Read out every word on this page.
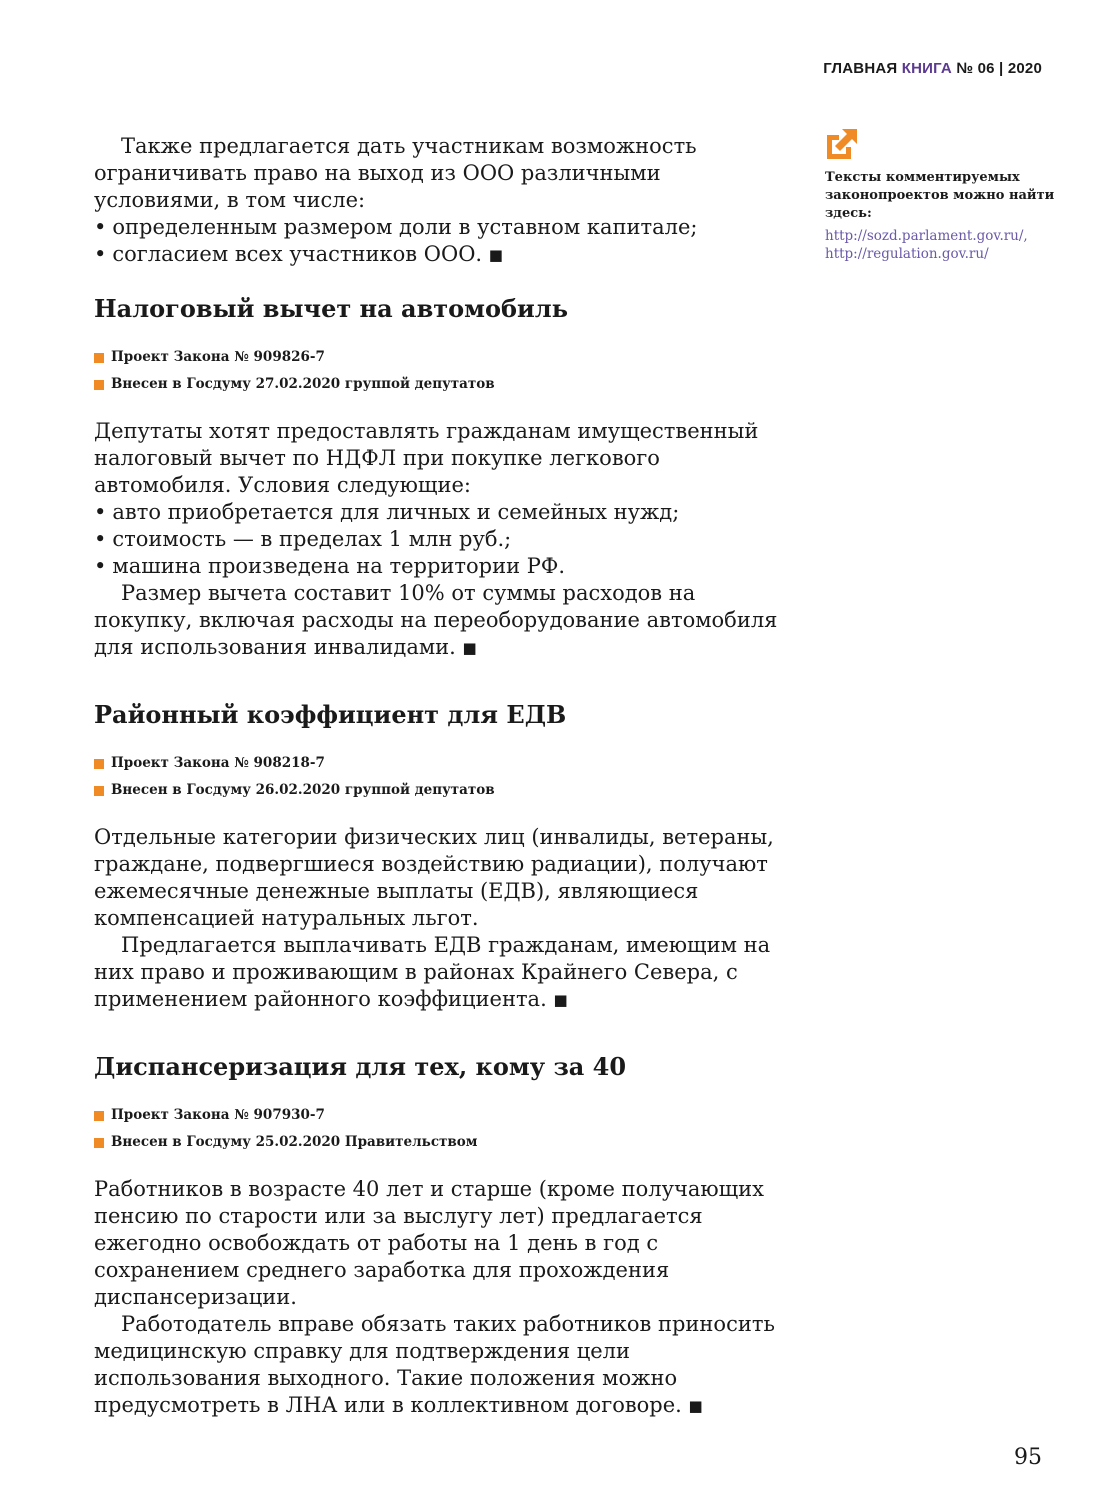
ГЛАВНАЯ КНИГА № 06 | 2020

Также предлагается дать участникам возможность ограничивать право на выход из ООО различными условиями, в том числе:

• определенным размером доли в уставном капитале;
• согласием всех участников ООО. ■
Налоговый вычет на автомобиль
Проект Закона № 909826-7
Внесен в Госдуму 27.02.2020 группой депутатов

Депутаты хотят предоставлять гражданам имущественный налоговый вычет по НДФЛ при покупке легкового автомобиля. Условия следующие:

• авто приобретается для личных и семейных нужд;
• стоимость — в пределах 1 млн руб.;
• машина произведена на территории РФ.

Размер вычета составит 10% от суммы расходов на покупку, включая расходы на переоборудование автомобиля для использования инвалидами. ■

Районный коэффициент для ЕДВ
Проект Закона № 908218-7
Внесен в Госдуму 26.02.2020 группой депутатов

Отдельные категории физических лиц (инвалиды, ветераны, граждане, подвергшиеся воздействию радиации), получают ежемесячные денежные выплаты (ЕДВ), являющиеся компенсацией натуральных льгот.

Предлагается выплачивать ЕДВ гражданам, имеющим на них право и проживающим в районах Крайнего Севера, с применением районного коэффициента. ■

Диспансеризация для тех, кому за 40
Проект Закона № 907930-7
Внесен в Госдуму 25.02.2020 Правительством

Работников в возрасте 40 лет и старше (кроме получающих пенсию по старости или за выслугу лет) предлагается ежегодно освобождать от работы на 1 день в год с сохранением среднего заработка для прохождения диспансеризации.

Работодатель вправе обязать таких работников приносить медицинскую справку для подтверждения цели использования выходного. Такие положения можно предусмотреть в ЛНА или в коллективном договоре. ■

Тексты комментируемых законопроектов можно найти здесь:
http://sozd.parlament.gov.ru/,
http://regulation.gov.ru/
95
